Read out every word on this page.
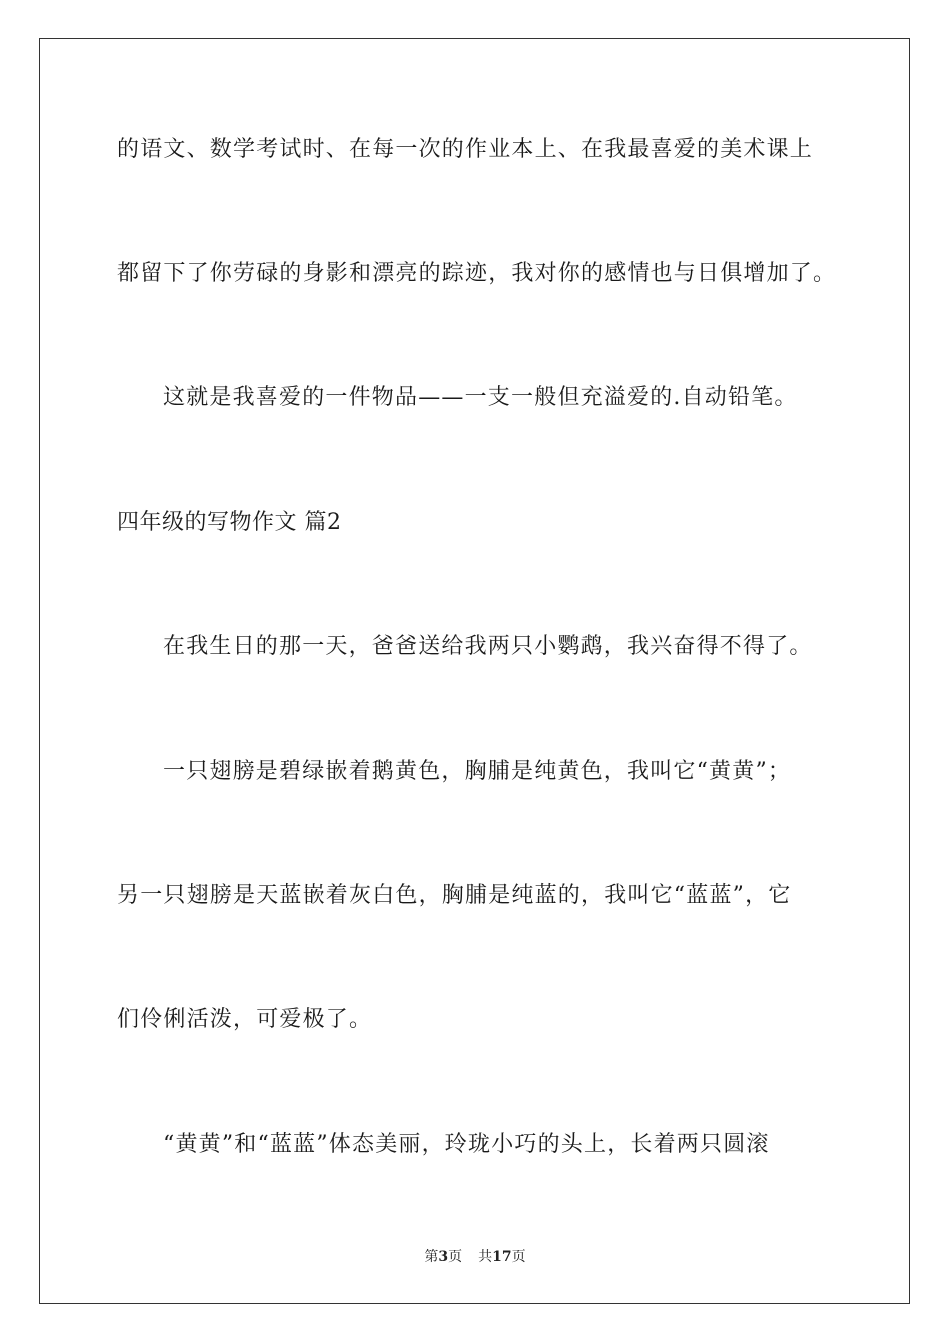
的语文、数学考试时、在每一次的作业本上、在我最喜爱的美术课上
都留下了你劳碌的身影和漂亮的踪迹，我对你的感情也与日俱增加了。
这就是我喜爱的一件物品——一支一般但充溢爱的.自动铅笔。
四年级的写物作文 篇2
在我生日的那一天，爸爸送给我两只小鹦鹉，我兴奋得不得了。
一只翅膀是碧绿嵌着鹅黄色，胸脯是纯黄色，我叫它“黄黄”；
另一只翅膀是天蓝嵌着灰白色，胸脯是纯蓝的，我叫它“蓝蓝”，它
们伶俐活泼，可爱极了。
“黄黄”和“蓝蓝”体态美丽，玲珑小巧的头上，长着两只圆滚
第3页 共17页
